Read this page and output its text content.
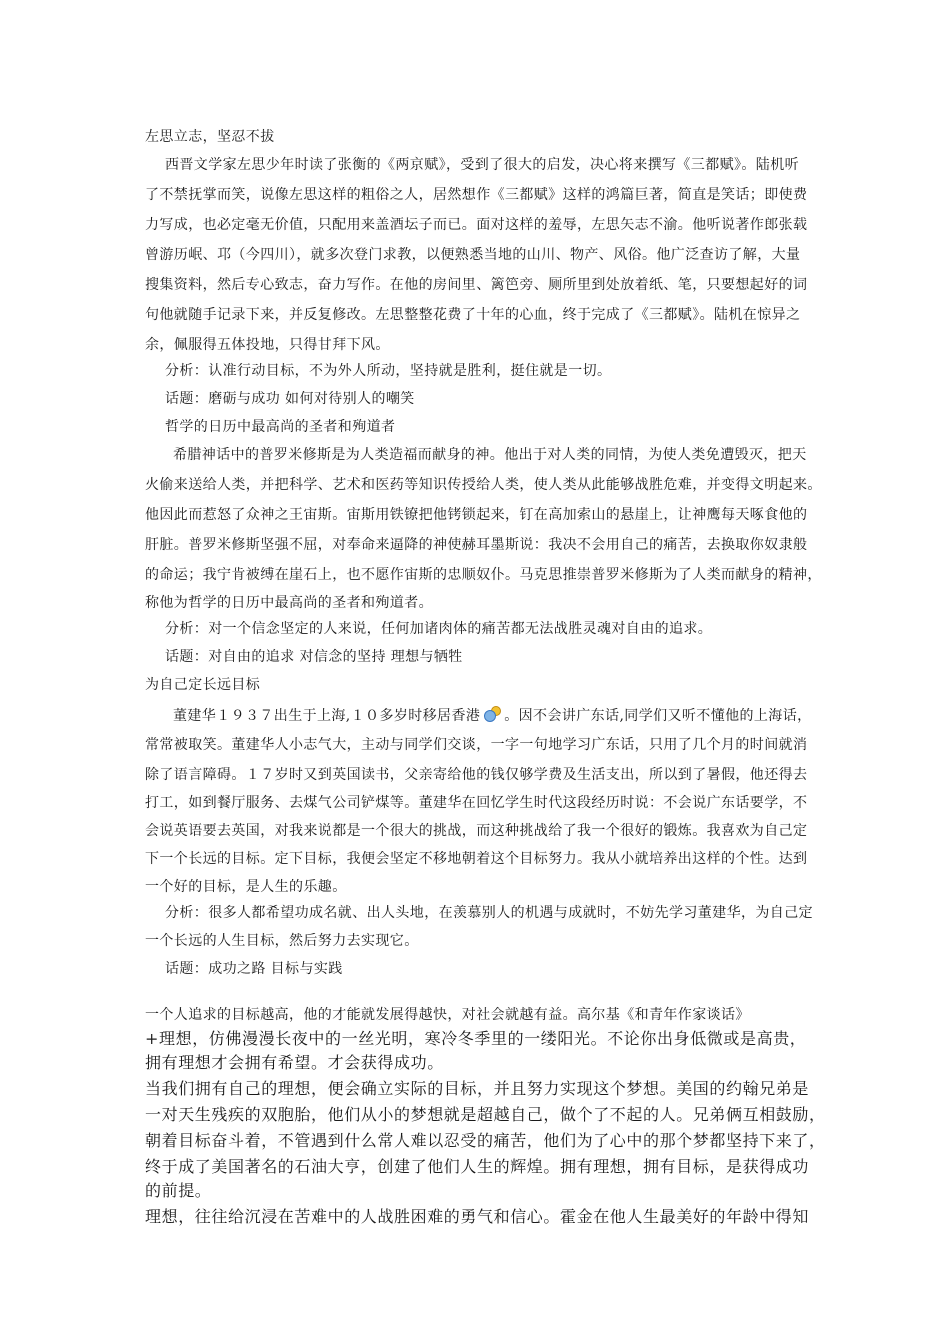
左思立志，坚忍不拔
西晋文学家左思少年时读了张衡的《两京赋》，受到了很大的启发，决心将来撰写《三都赋》。陆机听
了不禁抚掌而笑，说像左思这样的粗俗之人，居然想作《三都赋》这样的鸿篇巨著，简直是笑话；即使费
力写成，也必定毫无价值，只配用来盖酒坛子而已。面对这样的羞辱，左思矢志不渝。他听说著作郎张载
曾游历岷、邛（今四川），就多次登门求教，以便熟悉当地的山川、物产、风俗。他广泛查访了解，大量
搜集资料，然后专心致志，奋力写作。在他的房间里、篱笆旁、厕所里到处放着纸、笔，只要想起好的词
句他就随手记录下来，并反复修改。左思整整花费了十年的心血，终于完成了《三都赋》。陆机在惊异之
余，佩服得五体投地，只得甘拜下风。
分析：认准行动目标，不为外人所动，坚持就是胜利，挺住就是一切。
话题：磨砺与成功 如何对待别人的嘲笑
哲学的日历中最高尚的圣者和殉道者
希腊神话中的普罗米修斯是为人类造福而献身的神。他出于对人类的同情，为使人类免遭毁灭，把天
火偷来送给人类，并把科学、艺术和医药等知识传授给人类，使人类从此能够战胜危难，并变得文明起来。
他因此而惹怒了众神之王宙斯。宙斯用铁镣把他铐锁起来，钉在高加索山的悬崖上，让神鹰每天啄食他的
肝脏。普罗米修斯坚强不屈，对奉命来逼降的神使赫耳墨斯说：我决不会用自己的痛苦，去换取你奴隶般
的命运；我宁肯被缚在崖石上，也不愿作宙斯的忠顺奴仆。马克思推崇普罗米修斯为了人类而献身的精神，
称他为哲学的日历中最高尚的圣者和殉道者。
分析：对一个信念坚定的人来说，任何加诸肉体的痛苦都无法战胜灵魂对自由的追求。
话题：对自由的追求 对信念的坚持 理想与牺牲
为自己定长远目标
董建华１９３７出生于上海,１０多岁时移居香港 。因不会讲广东话,同学们又听不懂他的上海话，
常常被取笑。董建华人小志气大，主动与同学们交谈，一字一句地学习广东话，只用了几个月的时间就消
除了语言障碍。１７岁时又到英国读书，父亲寄给他的钱仅够学费及生活支出，所以到了暑假，他还得去
打工，如到餐厅服务、去煤气公司铲煤等。董建华在回忆学生时代这段经历时说：不会说广东话要学，不
会说英语要去英国，对我来说都是一个很大的挑战，而这种挑战给了我一个很好的锻炼。我喜欢为自己定
下一个长远的目标。定下目标，我便会坚定不移地朝着这个目标努力。我从小就培养出这样的个性。达到
一个好的目标，是人生的乐趣。
分析：很多人都希望功成名就、出人头地，在羡慕别人的机遇与成就时，不妨先学习董建华，为自己定
一个长远的人生目标，然后努力去实现它。
话题：成功之路 目标与实践
一个人追求的目标越高，他的才能就发展得越快，对社会就越有益。高尔基《和青年作家谈话》
+理想，仿佛漫漫长夜中的一丝光明，寒冷冬季里的一缕阳光。不论你出身低微或是高贵，
拥有理想才会拥有希望。才会获得成功。
当我们拥有自己的理想，便会确立实际的目标，并且努力实现这个梦想。美国的约翰兄弟是
一对天生残疾的双胞胎，他们从小的梦想就是超越自己，做个了不起的人。兄弟俩互相鼓励，
朝着目标奋斗着，不管遇到什么常人难以忍受的痛苦，他们为了心中的那个梦都坚持下来了，
终于成了美国著名的石油大亨，创建了他们人生的辉煌。拥有理想，拥有目标，是获得成功
的前提。
理想，往往给沉浸在苦难中的人战胜困难的勇气和信心。霍金在他人生最美好的年龄中得知
